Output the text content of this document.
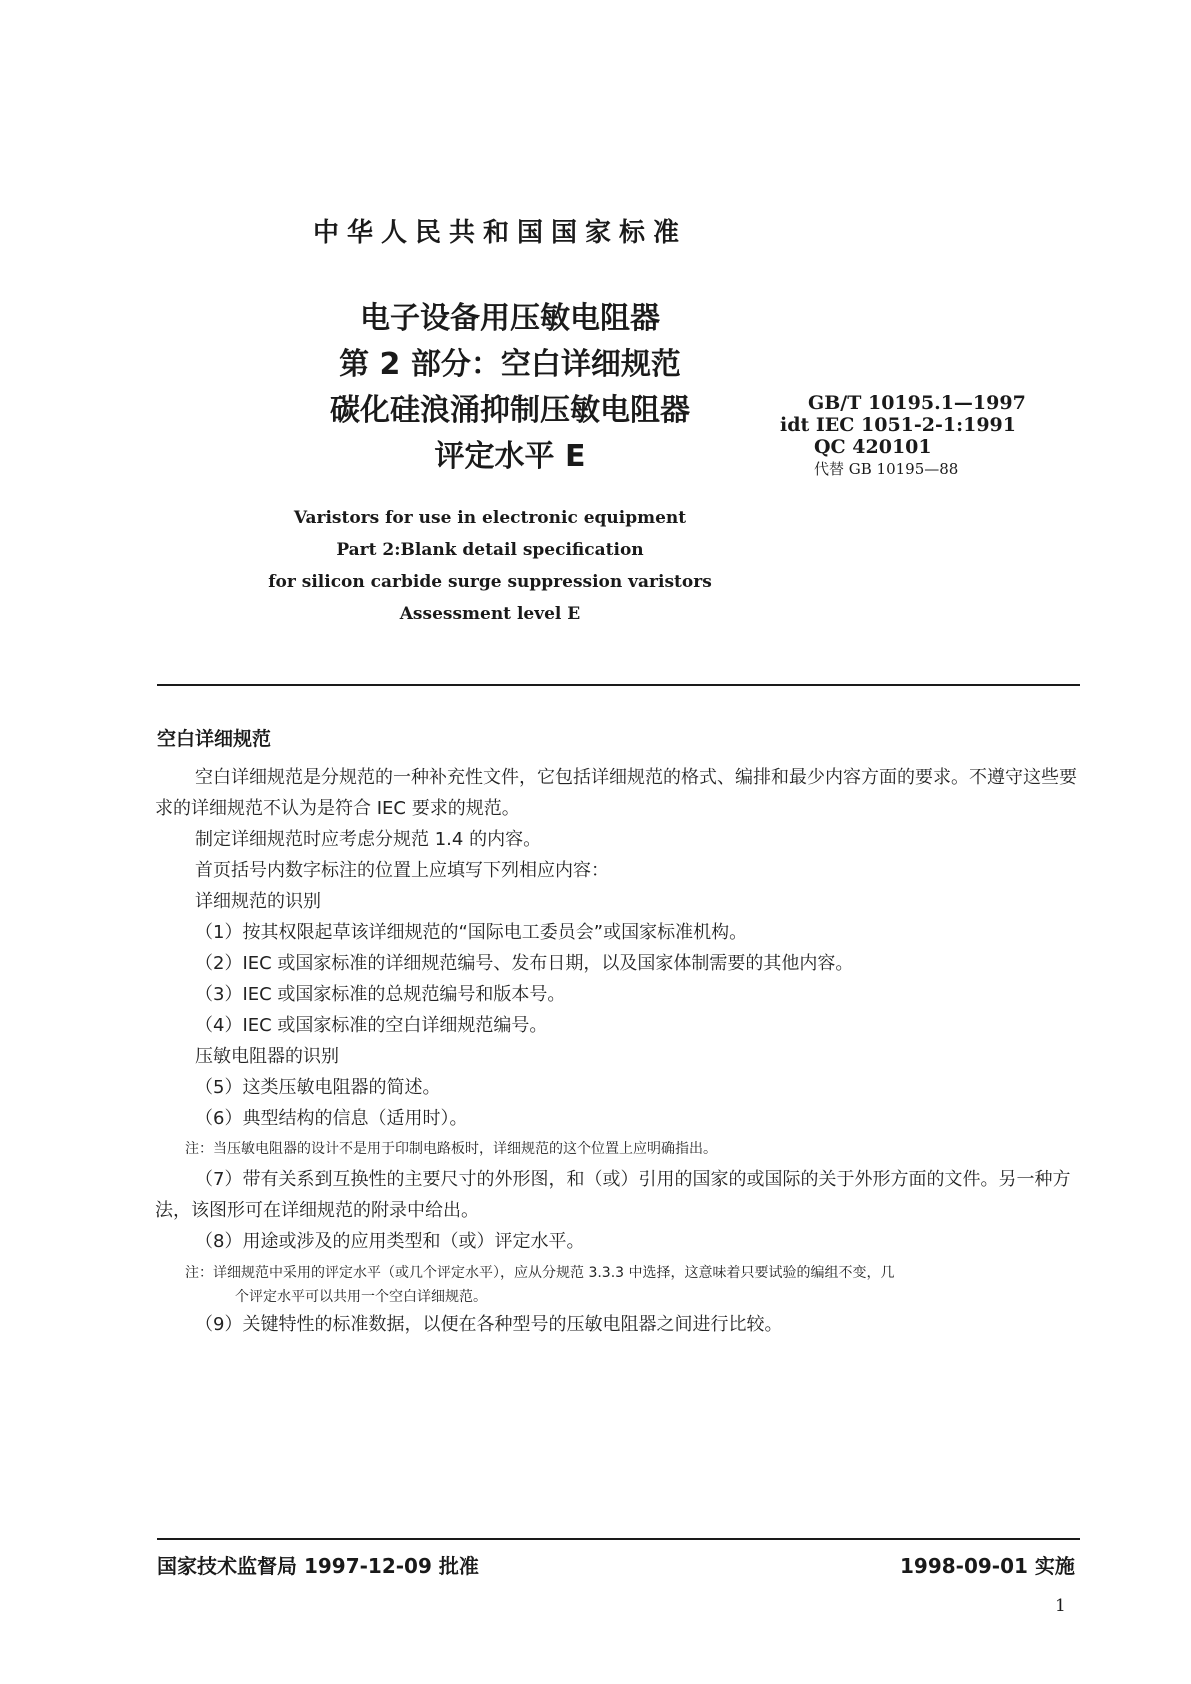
中华人民共和国国家标准
电子设备用压敏电阻器
第 2 部分：空白详细规范
碳化硅浪涌抑制压敏电阻器
评定水平 E
GB/T 10195.1—1997
idt IEC 1051-2-1:1991
QC 420101
代替 GB 10195—88
Varistors for use in electronic equipment
Part 2:Blank detail specification
for silicon carbide surge suppression varistors
Assessment level E
空白详细规范

空白详细规范是分规范的一种补充性文件，它包括详细规范的格式、编排和最少内容方面的要求。不遵守这些要求的详细规范不认为是符合 IEC 要求的规范。

制定详细规范时应考虑分规范 1.4 的内容。

首页括号内数字标注的位置上应填写下列相应内容：

详细规范的识别

（1）按其权限起草该详细规范的“国际电工委员会”或国家标准机构。

（2）IEC 或国家标准的详细规范编号、发布日期，以及国家体制需要的其他内容。

（3）IEC 或国家标准的总规范编号和版本号。

（4）IEC 或国家标准的空白详细规范编号。

压敏电阻器的识别

（5）这类压敏电阻器的简述。

（6）典型结构的信息（适用时）。

注：当压敏电阻器的设计不是用于印制电路板时，详细规范的这个位置上应明确指出。

（7）带有关系到互换性的主要尺寸的外形图，和（或）引用的国家的或国际的关于外形方面的文件。另一种方法，该图形可在详细规范的附录中给出。

（8）用途或涉及的应用类型和（或）评定水平。

注：详细规范中采用的评定水平（或几个评定水平），应从分规范 3.3.3 中选择，这意味着只要试验的编组不变，几
个评定水平可以共用一个空白详细规范。

（9）关键特性的标准数据，以便在各种型号的压敏电阻器之间进行比较。

国家技术监督局 1997-12-09 批准	1998-09-01 实施
1
